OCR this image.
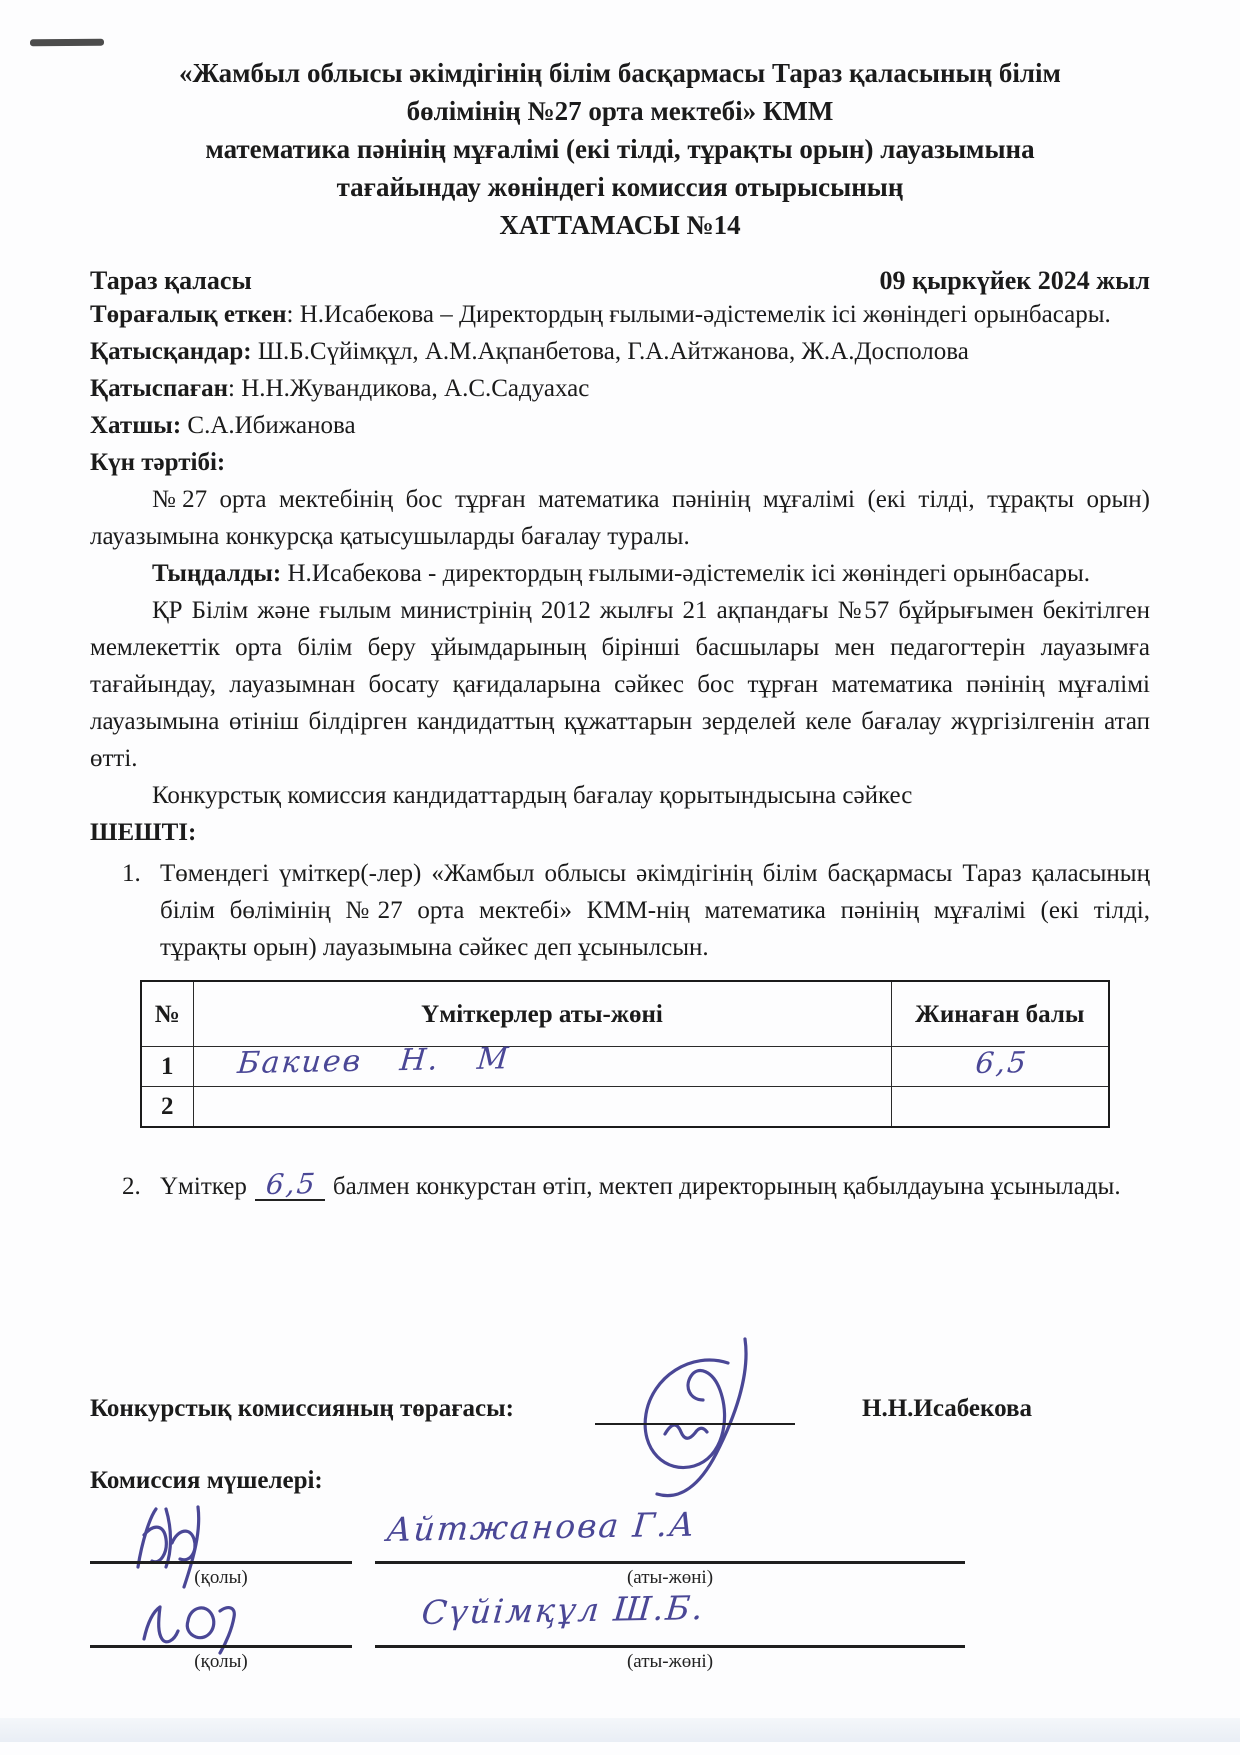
«Жамбыл облысы әкімдігінің білім басқармасы Тараз қаласының білім
бөлімінің №27 орта мектебі» КММ
математика пәнінің мұғалімі (екі тілді, тұрақты орын) лауазымына
тағайындау жөніндегі комиссия отырысының
ХАТТАМАСЫ №14
Тараз қаласы	09 қыркүйек 2024 жыл

Төрағалық еткен: Н.Исабекова – Директордың ғылыми-әдістемелік ісі жөніндегі орынбасары.

Қатысқандар: Ш.Б.Сүйімқұл, А.М.Ақпанбетова, Г.А.Айтжанова, Ж.А.Досполова

Қатыспаған: Н.Н.Жувандикова, А.С.Садуахас

Хатшы: С.А.Ибижанова

Күн тәртібі:

№27 орта мектебінің бос тұрған математика пәнінің мұғалімі (екі тілді, тұрақты орын) лауазымына конкурсқа қатысушыларды бағалау туралы.

Тыңдалды: Н.Исабекова - директордың ғылыми-әдістемелік ісі жөніндегі орынбасары.

ҚР Білім және ғылым министрінің 2012 жылғы 21 ақпандағы №57 бұйрығымен бекітілген мемлекеттік орта білім беру ұйымдарының бірінші басшылары мен педагогтерін лауазымға тағайындау, лауазымнан босату қағидаларына сәйкес бос тұрған математика пәнінің мұғалімі лауазымына өтініш білдірген кандидаттың құжаттарын зерделей келе бағалау жүргізілгенін атап өтті.

Конкурстық комиссия кандидаттардың бағалау қорытындысына сәйкес

ШЕШТІ:

1. Төмендегі үміткер(-лер) «Жамбыл облысы әкімдігінің білім басқармасы Тараз қаласының білім бөлімінің №27 орта мектебі» КММ-нің математика пәнінің мұғалімі (екі тілді, тұрақты орын) лауазымына сәйкес деп ұсынылсын.

№	Үміткерлер аты-жөні	Жинаған балы
1	Бакиев Н. М	6,5
2		
2. Үміткер 6,5 балмен конкурстан өтіп, мектеп директорының қабылдауына ұсынылады.

Конкурстық комиссияның төрағасы:	Н.Н.Исабекова

Комиссия мүшелері:

(қолы)
Айтжанова Г.А
(аты-жөні)
(қолы)
Сүйімқұл Ш.Б.
(аты-жөні)
